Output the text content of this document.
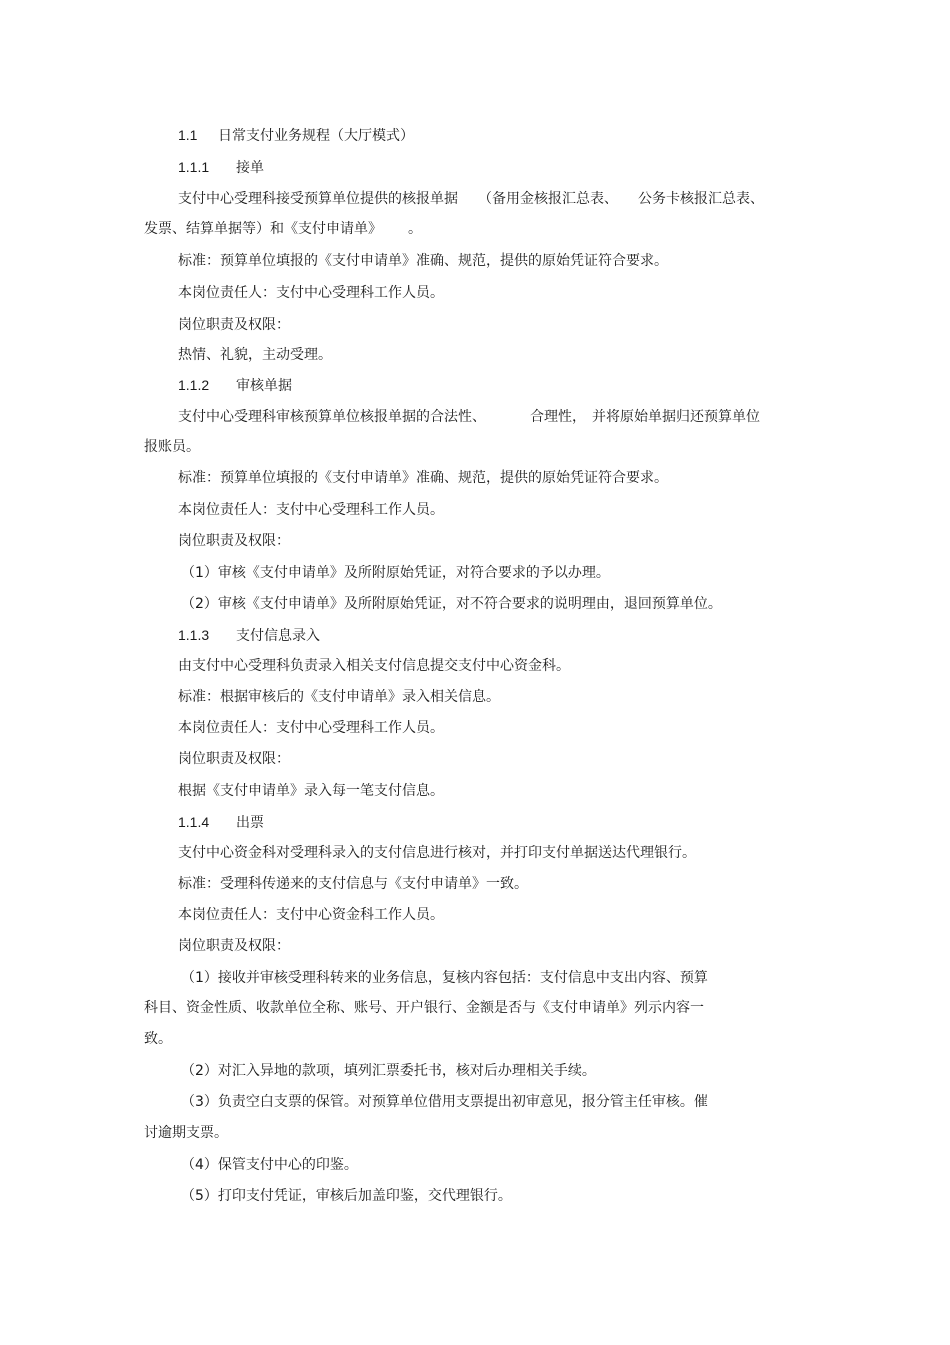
1.1 日常支付业务规程（大厅模式）
1.1.1 接单
支付中心受理科接受预算单位提供的核报单据 （备用金核报汇总表、 公务卡核报汇总表、
发票、结算单据等）和《支付申请单》 。
标准：预算单位填报的《支付申请单》准确、规范，提供的原始凭证符合要求。
本岗位责任人：支付中心受理科工作人员。
岗位职责及权限：
热情、礼貌，主动受理。
1.1.2 审核单据
支付中心受理科审核预算单位核报单据的合法性、	合理性， 并将原始单据归还预算单位
报账员。
标准：预算单位填报的《支付申请单》准确、规范，提供的原始凭证符合要求。
本岗位责任人：支付中心受理科工作人员。
岗位职责及权限：
（1）审核《支付申请单》及所附原始凭证，对符合要求的予以办理。
（2）审核《支付申请单》及所附原始凭证，对不符合要求的说明理由，退回预算单位。
1.1.3 支付信息录入
由支付中心受理科负责录入相关支付信息提交支付中心资金科。
标准：根据审核后的《支付申请单》录入相关信息。
本岗位责任人：支付中心受理科工作人员。
岗位职责及权限：
根据《支付申请单》录入每一笔支付信息。
1.1.4 出票
支付中心资金科对受理科录入的支付信息进行核对，并打印支付单据送达代理银行。
标准：受理科传递来的支付信息与《支付申请单》一致。
本岗位责任人：支付中心资金科工作人员。
岗位职责及权限：
（1）接收并审核受理科转来的业务信息，复核内容包括：支付信息中支出内容、预算
科目、资金性质、收款单位全称、账号、开户银行、金额是否与《支付申请单》列示内容一
致。
（2）对汇入异地的款项，填列汇票委托书，核对后办理相关手续。
（3）负责空白支票的保管。对预算单位借用支票提出初审意见，报分管主任审核。催
讨逾期支票。
（4）保管支付中心的印鉴。
（5）打印支付凭证，审核后加盖印鉴，交代理银行。
